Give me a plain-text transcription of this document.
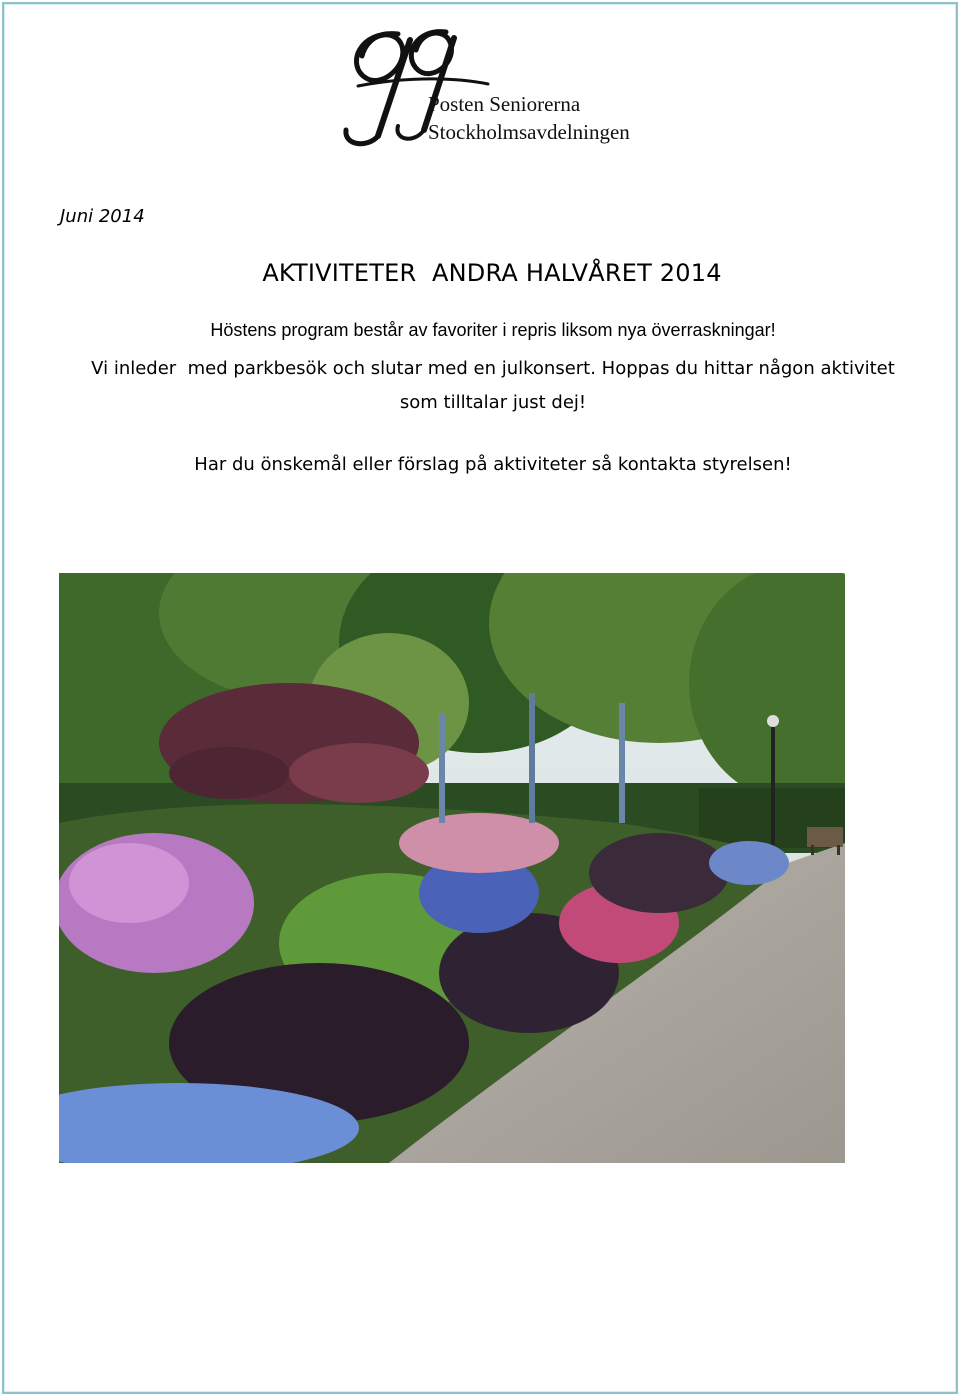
Posten Seniorerna
Stockholmsavdelningen
Juni 2014
AKTIVITETER  ANDRA HALVÅRET 2014
Höstens program består av favoriter i repris liksom nya överraskningar!
Vi inleder  med parkbesök och slutar med en julkonsert. Hoppas du hittar någon aktivitet
som tilltalar just dej!
Har du önskemål eller förslag på aktiviteter så kontakta styrelsen!
